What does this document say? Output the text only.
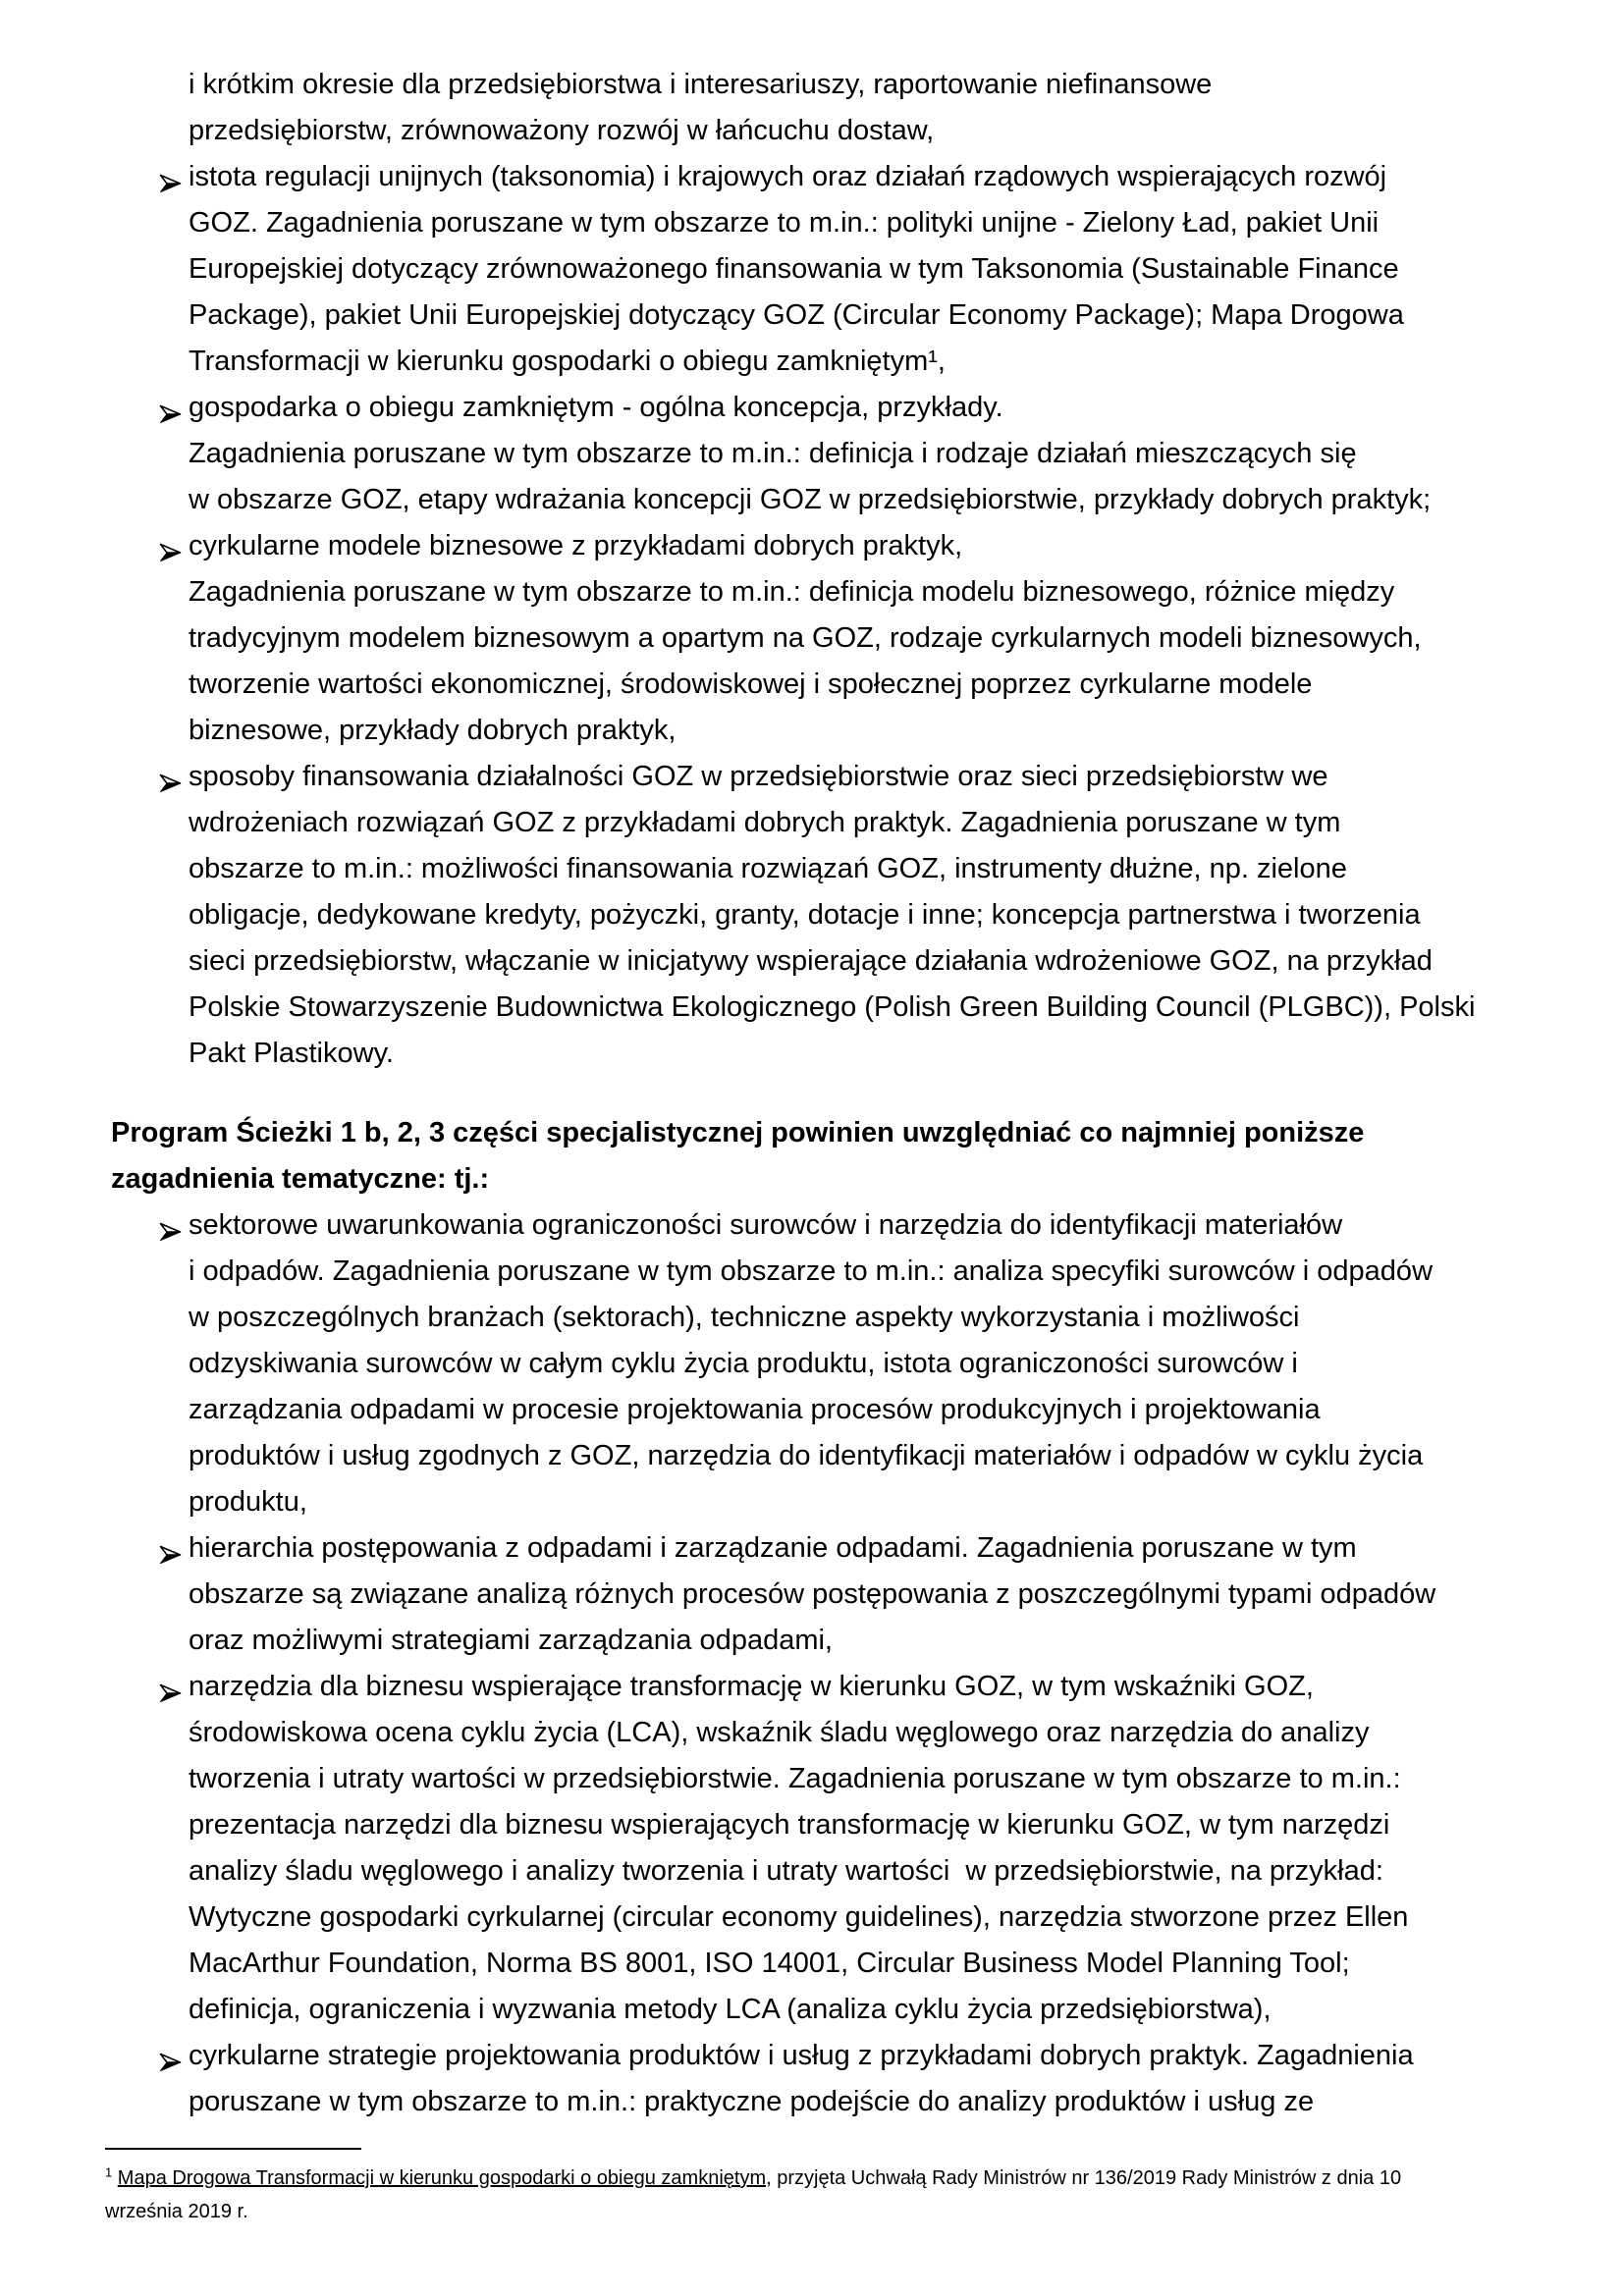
i krótkim okresie dla przedsiębiorstwa i interesariuszy, raportowanie niefinansowe
przedsiębiorstw, zrównoważony rozwój w łańcuchu dostaw,
istota regulacji unijnych (taksonomia) i krajowych oraz działań rządowych wspierających rozwój
GOZ. Zagadnienia poruszane w tym obszarze to m.in.: polityki unijne - Zielony Ład, pakiet Unii
Europejskiej dotyczący zrównoważonego finansowania w tym Taksonomia (Sustainable Finance
Package), pakiet Unii Europejskiej dotyczący GOZ (Circular Economy Package); Mapa Drogowa
Transformacji w kierunku gospodarki o obiegu zamkniętym¹,
gospodarka o obiegu zamkniętym - ogólna koncepcja, przykłady.
Zagadnienia poruszane w tym obszarze to m.in.: definicja i rodzaje działań mieszczących się
w obszarze GOZ, etapy wdrażania koncepcji GOZ w przedsiębiorstwie, przykłady dobrych praktyk;
cyrkularne modele biznesowe z przykładami dobrych praktyk,
Zagadnienia poruszane w tym obszarze to m.in.: definicja modelu biznesowego, różnice między
tradycyjnym modelem biznesowym a opartym na GOZ, rodzaje cyrkularnych modeli biznesowych,
tworzenie wartości ekonomicznej, środowiskowej i społecznej poprzez cyrkularne modele
biznesowe, przykłady dobrych praktyk,
sposoby finansowania działalności GOZ w przedsiębiorstwie oraz sieci przedsiębiorstw we
wdrożeniach rozwiązań GOZ z przykładami dobrych praktyk. Zagadnienia poruszane w tym
obszarze to m.in.: możliwości finansowania rozwiązań GOZ, instrumenty dłużne, np. zielone
obligacje, dedykowane kredyty, pożyczki, granty, dotacje i inne; koncepcja partnerstwa i tworzenia
sieci przedsiębiorstw, włączanie w inicjatywy wspierające działania wdrożeniowe GOZ, na przykład
Polskie Stowarzyszenie Budownictwa Ekologicznego (Polish Green Building Council (PLGBC)), Polski
Pakt Plastikowy.
Program Ścieżki 1 b, 2, 3 części specjalistycznej powinien uwzględniać co najmniej poniższe
zagadnienia tematyczne: tj.:
sektorowe uwarunkowania ograniczoności surowców i narzędzia do identyfikacji materiałów
i odpadów. Zagadnienia poruszane w tym obszarze to m.in.: analiza specyfiki surowców i odpadów
w poszczególnych branżach (sektorach), techniczne aspekty wykorzystania i możliwości
odzyskiwania surowców w całym cyklu życia produktu, istota ograniczoności surowców i
zarządzania odpadami w procesie projektowania procesów produkcyjnych i projektowania
produktów i usług zgodnych z GOZ, narzędzia do identyfikacji materiałów i odpadów w cyklu życia
produktu,
hierarchia postępowania z odpadami i zarządzanie odpadami. Zagadnienia poruszane w tym
obszarze są związane analizą różnych procesów postępowania z poszczególnymi typami odpadów
oraz możliwymi strategiami zarządzania odpadami,
narzędzia dla biznesu wspierające transformację w kierunku GOZ, w tym wskaźniki GOZ,
środowiskowa ocena cyklu życia (LCA), wskaźnik śladu węglowego oraz narzędzia do analizy
tworzenia i utraty wartości w przedsiębiorstwie. Zagadnienia poruszane w tym obszarze to m.in.:
prezentacja narzędzi dla biznesu wspierających transformację w kierunku GOZ, w tym narzędzi
analizy śladu węglowego i analizy tworzenia i utraty wartości  w przedsiębiorstwie, na przykład:
Wytyczne gospodarki cyrkularnej (circular economy guidelines), narzędzia stworzone przez Ellen
MacArthur Foundation, Norma BS 8001, ISO 14001, Circular Business Model Planning Tool;
definicja, ograniczenia i wyzwania metody LCA (analiza cyklu życia przedsiębiorstwa),
cyrkularne strategie projektowania produktów i usług z przykładami dobrych praktyk. Zagadnienia
poruszane w tym obszarze to m.in.: praktyczne podejście do analizy produktów i usług ze
$^1$ Mapa Drogowa Transformacji w kierunku gospodarki o obiegu zamkniętym, przyjęta Uchwałą Rady Ministrów nr 136/2019 Rady Ministrów z dnia 10
września 2019 r.
